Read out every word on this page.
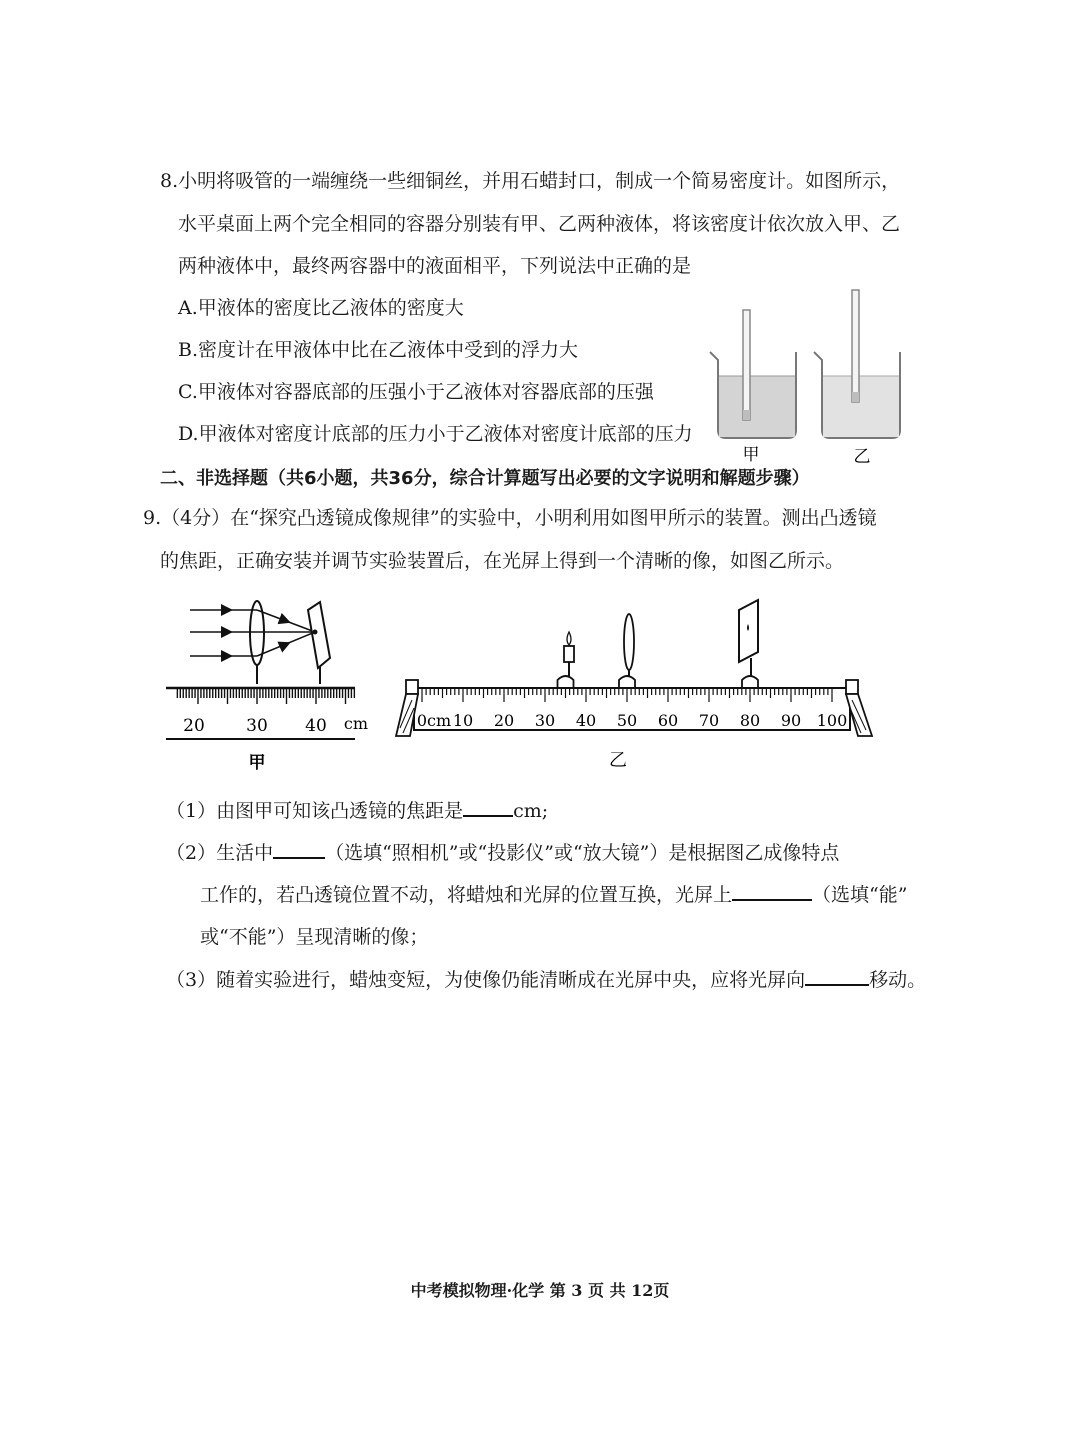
8.小明将吸管的一端缠绕一些细铜丝，并用石蜡封口，制成一个简易密度计。如图所示，
水平桌面上两个完全相同的容器分别装有甲、乙两种液体，将该密度计依次放入甲、乙
两种液体中，最终两容器中的液面相平，下列说法中正确的是
A.甲液体的密度比乙液体的密度大
B.密度计在甲液体中比在乙液体中受到的浮力大
C.甲液体对容器底部的压强小于乙液体对容器底部的压强
D.甲液体对密度计底部的压力小于乙液体对密度计底部的压力
甲	乙
二、非选择题（共6小题，共36分，综合计算题写出必要的文字说明和解题步骤）
9.（4分）在“探究凸透镜成像规律”的实验中，小明利用如图甲所示的装置。测出凸透镜
的焦距，正确安装并调节实验装置后，在光屏上得到一个清晰的像，如图乙所示。
20 30 40 cm
甲
0cm 10 20 30 40 50 60 70 80 90 100
乙
（1）由图甲可知该凸透镜的焦距是	cm;
（2）生活中	（选填“照相机”或“投影仪”或“放大镜”）是根据图乙成像特点
工作的，若凸透镜位置不动，将蜡烛和光屏的位置互换，光屏上	（选填“能”
或“不能”）呈现清晰的像；
（3）随着实验进行，蜡烛变短，为使像仍能清晰成在光屏中央，应将光屏向	移动。
中考模拟物理·化学 第 3 页 共 12页
